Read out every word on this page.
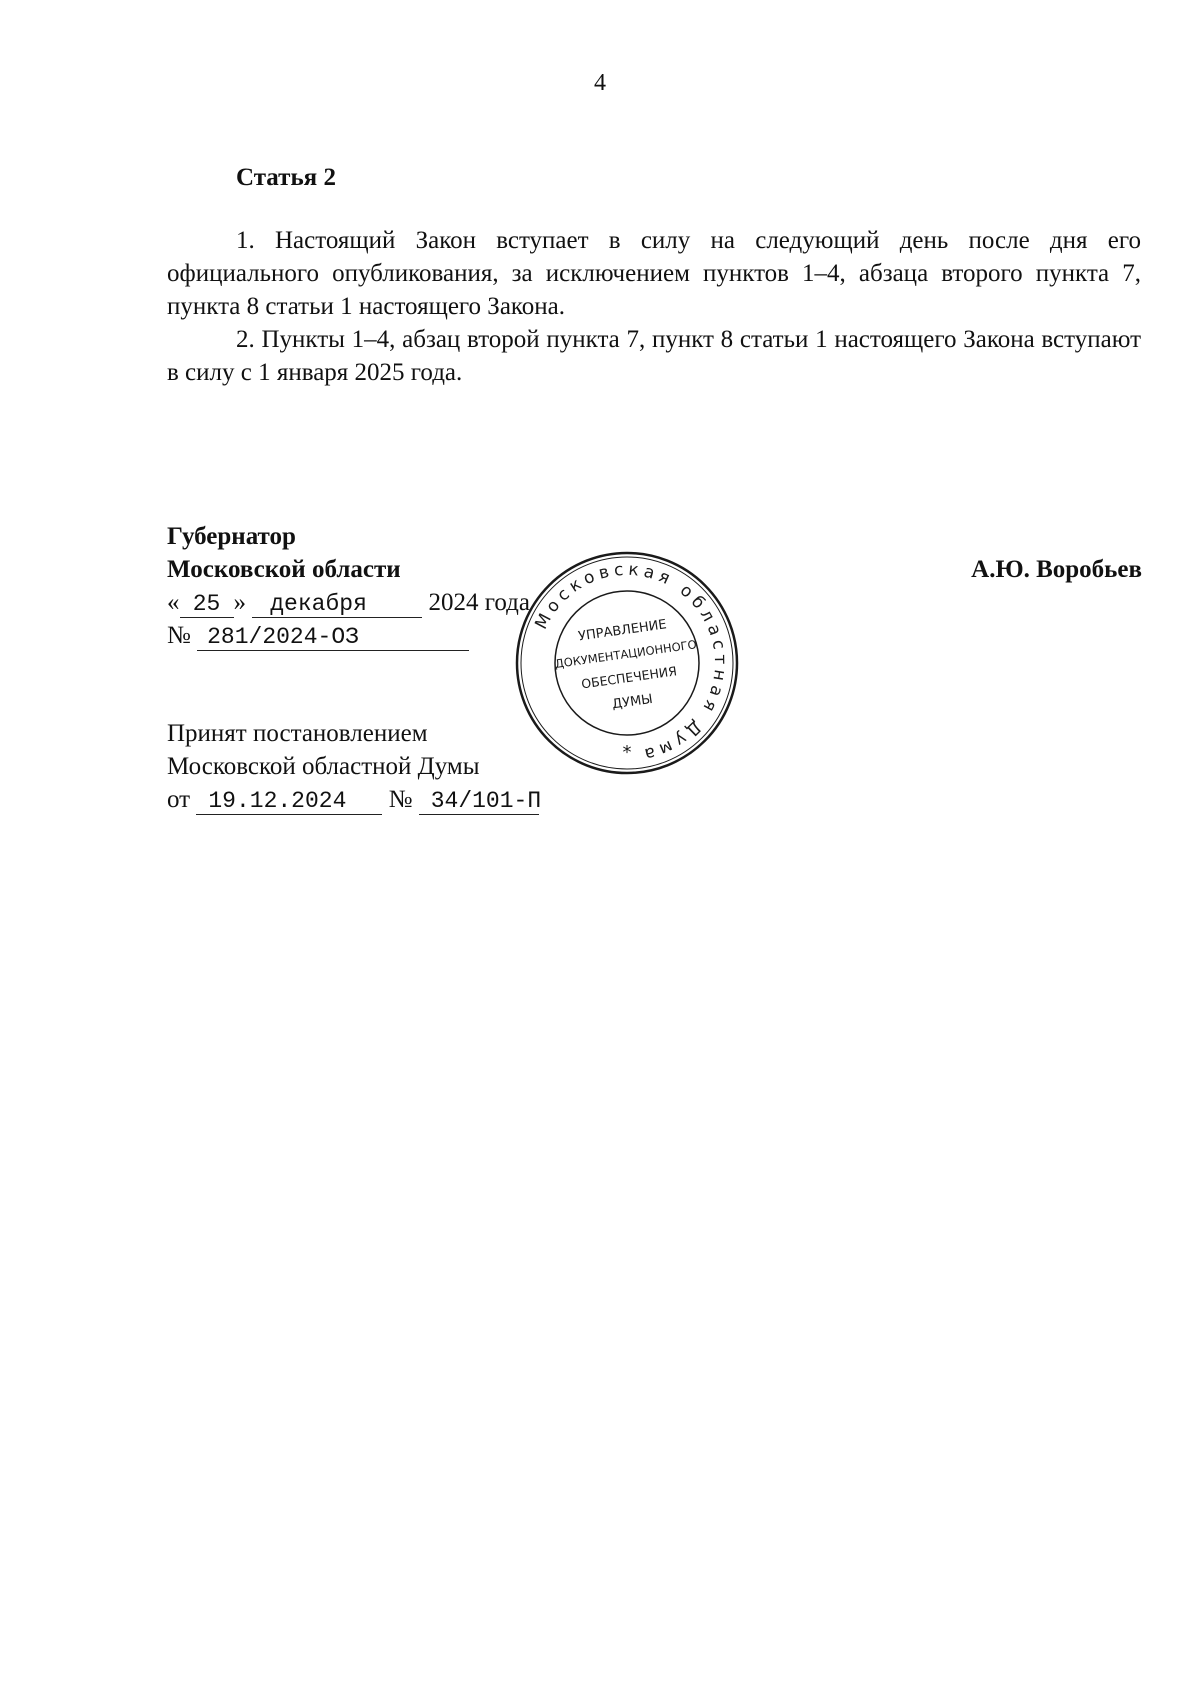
4
Статья 2

1. Настоящий Закон вступает в силу на следующий день после дня его официального опубликования, за исключением пунктов 1–4, абзаца второго пункта 7, пункта 8 статьи 1 настоящего Закона.

2. Пункты 1–4, абзац второй пункта 7, пункт 8 статьи 1 настоящего Закона вступают в силу с 1 января 2025 года.

Губернатор
Московской области	А.Ю. Воробьев
« 25 » декабря 2024 года
№ 281/2024-ОЗ
Принят постановлением
Московской областной Думы
от 19.12.2024 № 34/101-П
Московская областная Дума
*
УПРАВЛЕНИЕ
ДОКУМЕНТАЦИОННОГО
ОБЕСПЕЧЕНИЯ
ДУМЫ
